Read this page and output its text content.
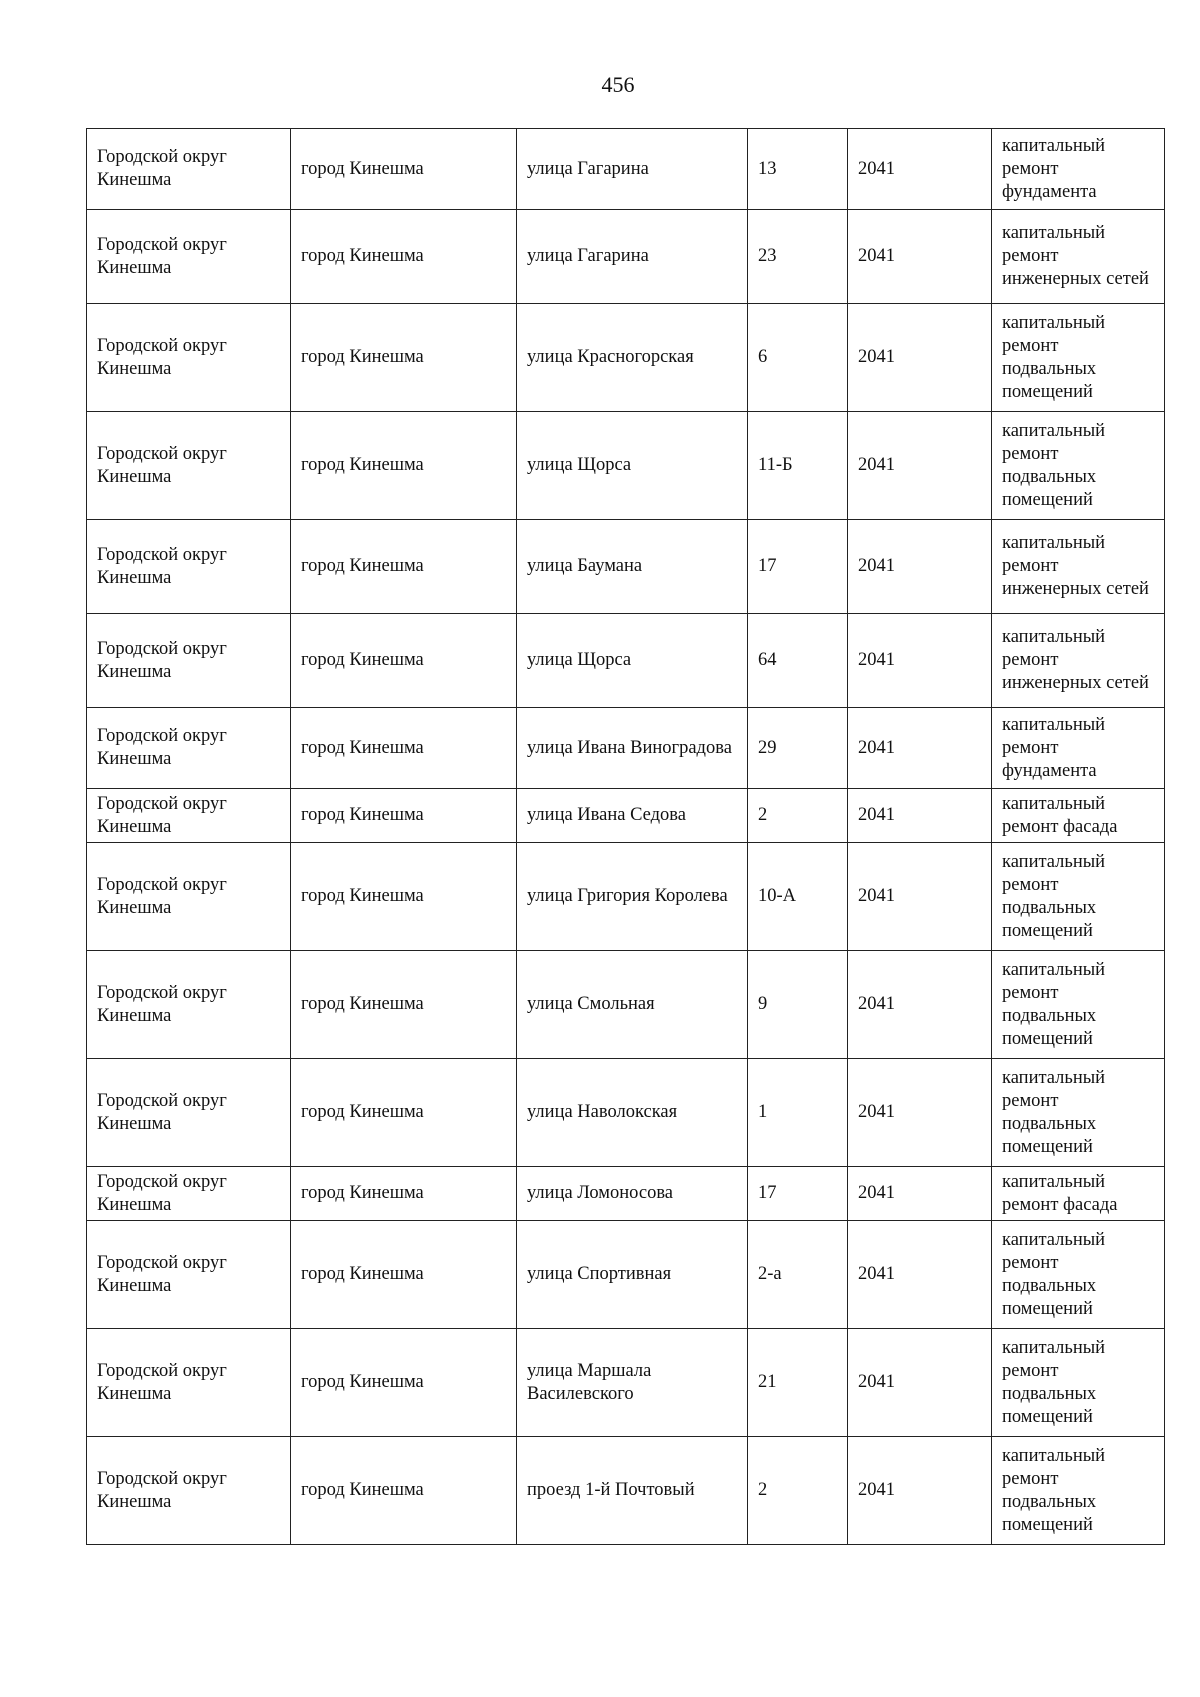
456
Городской округ Кинешма	город Кинешма	улица Гагарина	13	2041	капитальный ремонт фундамента
Городской округ Кинешма	город Кинешма	улица Гагарина	23	2041	капитальный ремонт инженерных сетей
Городской округ Кинешма	город Кинешма	улица Красногорская	6	2041	капитальный ремонт подвальных помещений
Городской округ Кинешма	город Кинешма	улица Щорса	11-Б	2041	капитальный ремонт подвальных помещений
Городской округ Кинешма	город Кинешма	улица Баумана	17	2041	капитальный ремонт инженерных сетей
Городской округ Кинешма	город Кинешма	улица Щорса	64	2041	капитальный ремонт инженерных сетей
Городской округ Кинешма	город Кинешма	улица Ивана Виноградова	29	2041	капитальный ремонт фундамента
Городской округ Кинешма	город Кинешма	улица Ивана Седова	2	2041	капитальный ремонт фасада
Городской округ Кинешма	город Кинешма	улица Григория Королева	10-А	2041	капитальный ремонт подвальных помещений
Городской округ Кинешма	город Кинешма	улица Смольная	9	2041	капитальный ремонт подвальных помещений
Городской округ Кинешма	город Кинешма	улица Наволокская	1	2041	капитальный ремонт подвальных помещений
Городской округ Кинешма	город Кинешма	улица Ломоносова	17	2041	капитальный ремонт фасада
Городской округ Кинешма	город Кинешма	улица Спортивная	2-а	2041	капитальный ремонт подвальных помещений
Городской округ Кинешма	город Кинешма	улица Маршала Василевского	21	2041	капитальный ремонт подвальных помещений
Городской округ Кинешма	город Кинешма	проезд 1-й Почтовый	2	2041	капитальный ремонт подвальных помещений
